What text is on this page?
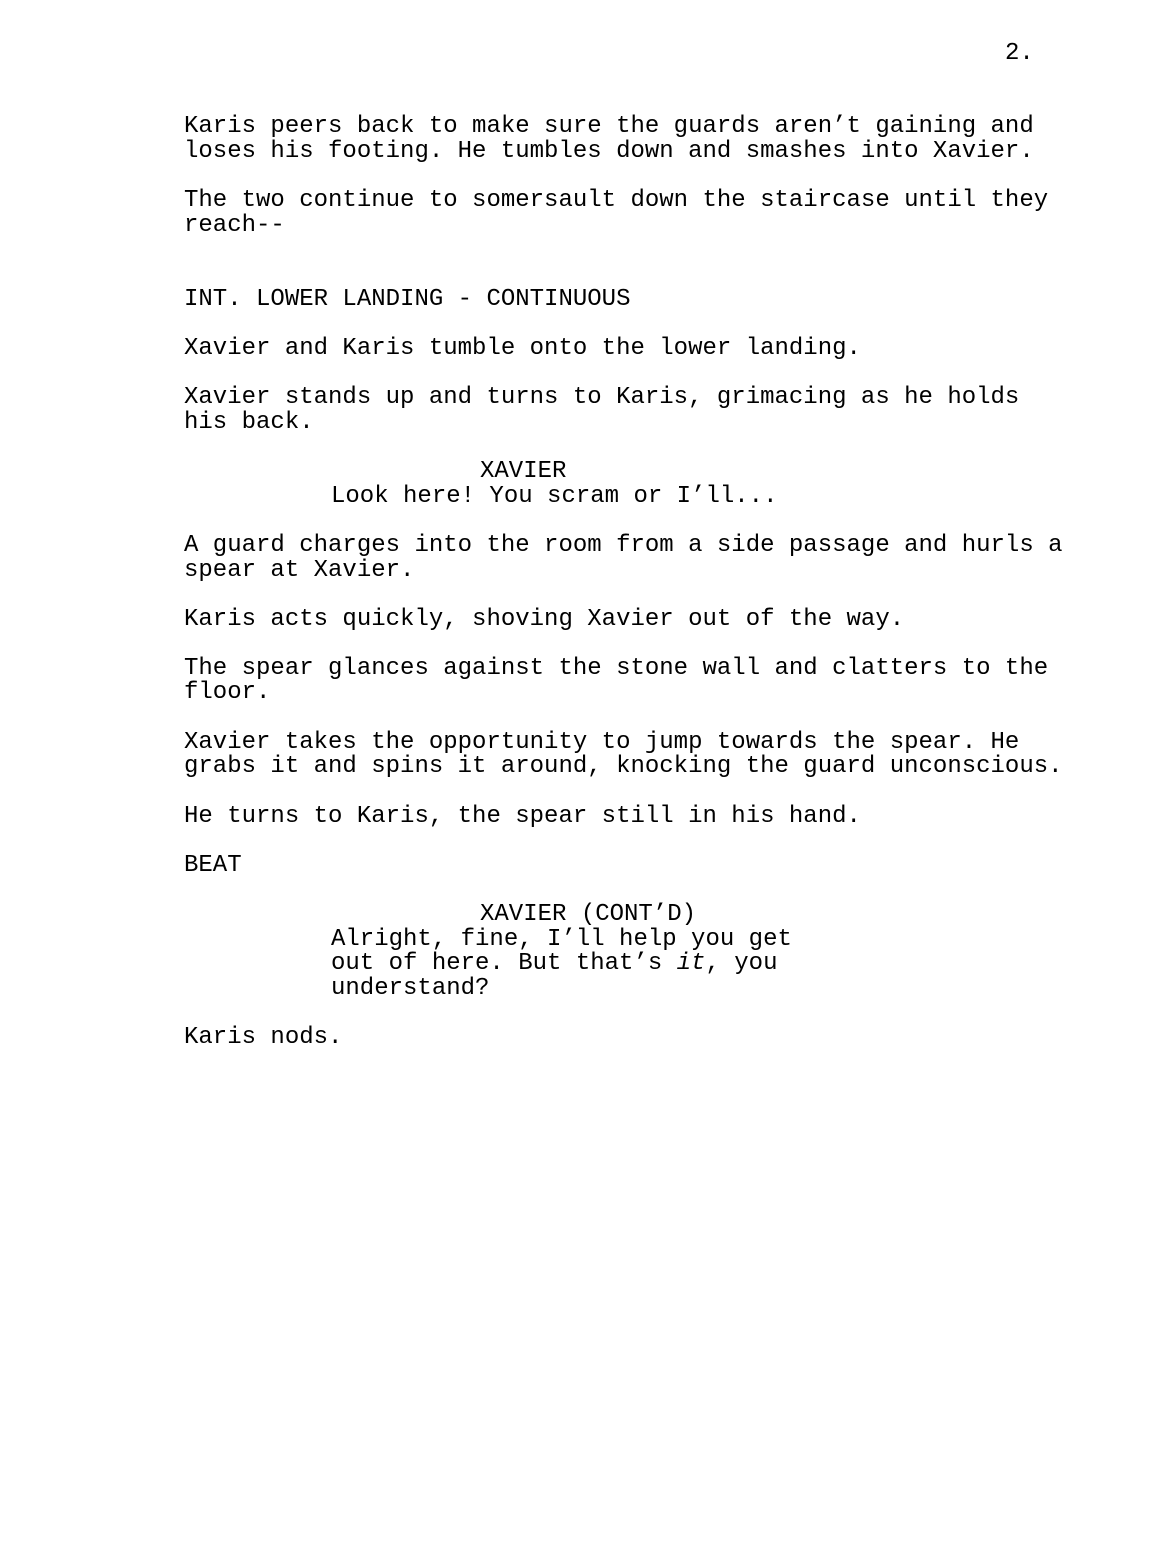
2.
Karis peers back to make sure the guards aren’t gaining and
loses his footing. He tumbles down and smashes into Xavier.
The two continue to somersault down the staircase until they
reach--
INT. LOWER LANDING - CONTINUOUS
Xavier and Karis tumble onto the lower landing.
Xavier stands up and turns to Karis, grimacing as he holds
his back.
XAVIER
Look here! You scram or I’ll...
A guard charges into the room from a side passage and hurls a
spear at Xavier.
Karis acts quickly, shoving Xavier out of the way.
The spear glances against the stone wall and clatters to the
floor.
Xavier takes the opportunity to jump towards the spear. He
grabs it and spins it around, knocking the guard unconscious.
He turns to Karis, the spear still in his hand.
BEAT
XAVIER (CONT’D)
Alright, fine, I’ll help you get
out of here. But that’s it, you
understand?
Karis nods.
